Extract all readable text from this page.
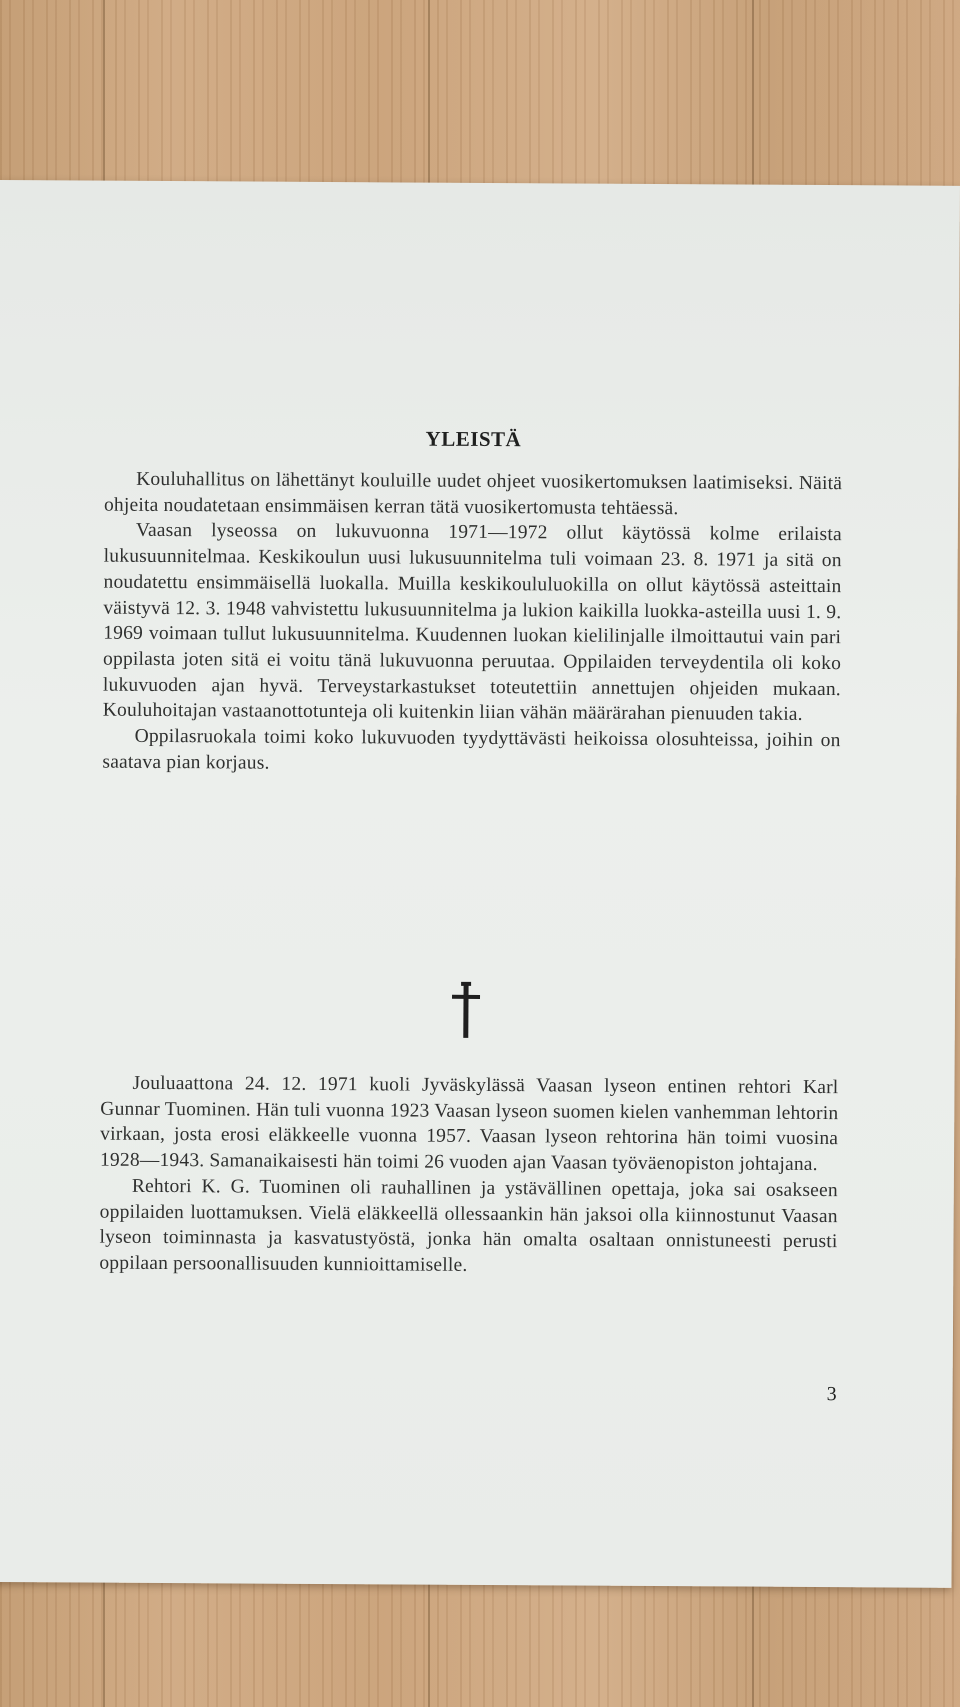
YLEISTÄ

Kouluhallitus on lähettänyt kouluille uudet ohjeet vuosikertomuksen laatimiseksi. Näitä ohjeita noudatetaan ensimmäisen kerran tätä vuosikertomusta tehtäessä.

Vaasan lyseossa on lukuvuonna 1971—1972 ollut käytössä kolme erilaista lukusuunnitelmaa. Keskikoulun uusi lukusuunnitelma tuli voimaan 23. 8. 1971 ja sitä on noudatettu ensimmäisellä luokalla. Muilla keskikoululuokilla on ollut käytössä asteittain väistyvä 12. 3. 1948 vahvistettu lukusuunnitelma ja lukion kaikilla luokka-asteilla uusi 1. 9. 1969 voimaan tullut lukusuunnitelma. Kuudennen luokan kielilinjalle ilmoittautui vain pari oppilasta joten sitä ei voitu tänä lukuvuonna peruutaa. Oppilaiden terveydentila oli koko lukuvuoden ajan hyvä. Terveystarkastukset toteutettiin annettujen ohjeiden mukaan. Kouluhoitajan vastaanottotunteja oli kuitenkin liian vähän määrärahan pienuuden takia.

Oppilasruokala toimi koko lukuvuoden tyydyttävästi heikoissa olosuhteissa, joihin on saatava pian korjaus.

Jouluaattona 24. 12. 1971 kuoli Jyväskylässä Vaasan lyseon entinen rehtori Karl Gunnar Tuominen. Hän tuli vuonna 1923 Vaasan lyseon suomen kielen vanhemman lehtorin virkaan, josta erosi eläkkeelle vuonna 1957. Vaasan lyseon rehtorina hän toimi vuosina 1928—1943. Samanaikaisesti hän toimi 26 vuoden ajan Vaasan työväenopiston johtajana.

Rehtori K. G. Tuominen oli rauhallinen ja ystävällinen opettaja, joka sai osakseen oppilaiden luottamuksen. Vielä eläkkeellä ollessaankin hän jaksoi olla kiinnostunut Vaasan lyseon toiminnasta ja kasvatustyöstä, jonka hän omalta osaltaan onnistuneesti perusti oppilaan persoonallisuuden kunnioittamiselle.

3
